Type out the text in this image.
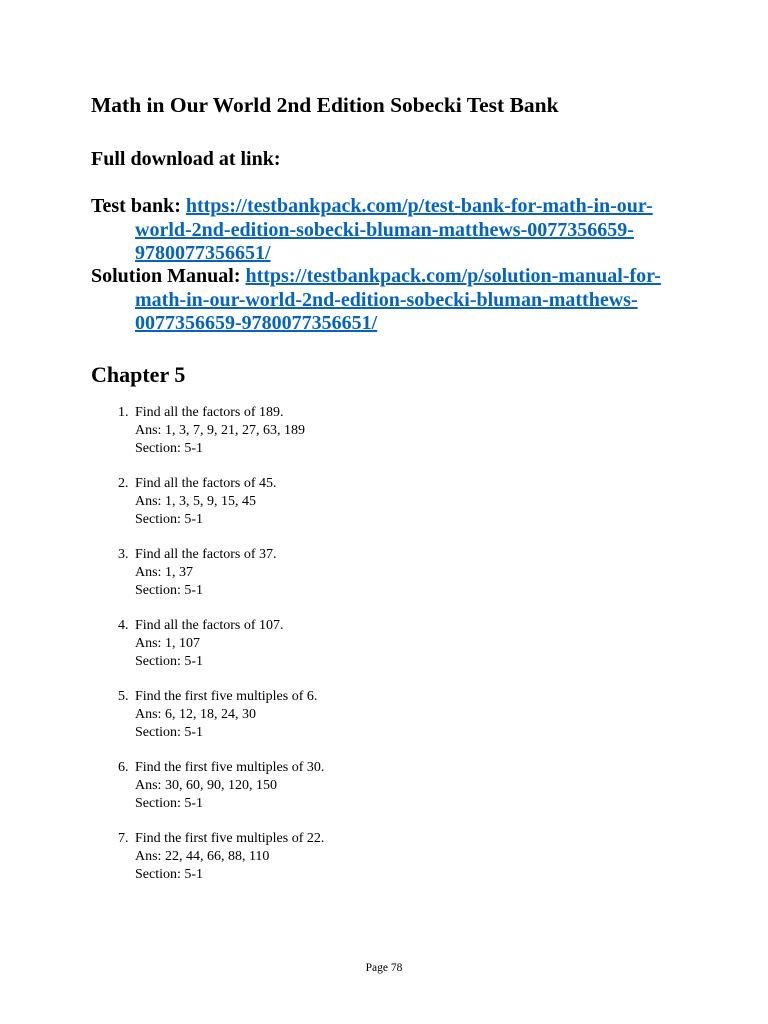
Math in Our World 2nd Edition Sobecki Test Bank
Full download at link:
Test bank: https://testbankpack.com/p/test-bank-for-math-in-our-
world-2nd-edition-sobecki-bluman-matthews-0077356659-
9780077356651/
Solution Manual: https://testbankpack.com/p/solution-manual-for-
math-in-our-world-2nd-edition-sobecki-bluman-matthews-
0077356659-9780077356651/
Chapter 5
1. Find all the factors of 189.
Ans: 1, 3, 7, 9, 21, 27, 63, 189
Section: 5-1
2. Find all the factors of 45.
Ans: 1, 3, 5, 9, 15, 45
Section: 5-1
3. Find all the factors of 37.
Ans: 1, 37
Section: 5-1
4. Find all the factors of 107.
Ans: 1, 107
Section: 5-1
5. Find the first five multiples of 6.
Ans: 6, 12, 18, 24, 30
Section: 5-1
6. Find the first five multiples of 30.
Ans: 30, 60, 90, 120, 150
Section: 5-1
7. Find the first five multiples of 22.
Ans: 22, 44, 66, 88, 110
Section: 5-1
Page 78
